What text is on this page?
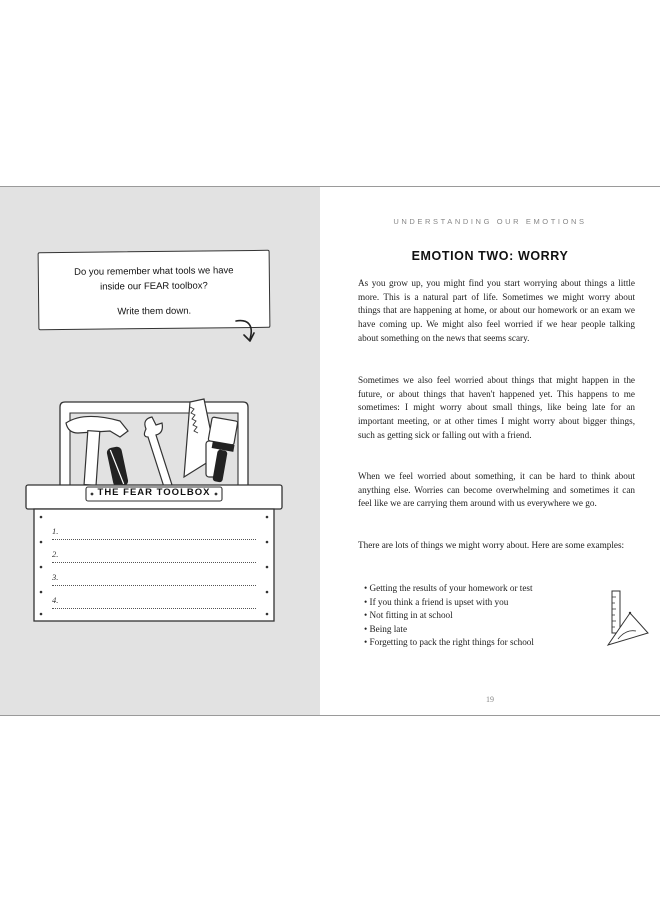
Do you remember what tools we have
inside our FEAR toolbox?
Write them down.
THE FEAR TOOLBOX
1.
2.
3.
4.
UNDERSTANDING OUR EMOTIONS
EMOTION TWO: WORRY

As you grow up, you might find you start worrying about things a little more. This is a natural part of life. Sometimes we might worry about things that are happening at home, or about our homework or an exam we have coming up. We might also feel worried if we hear people talking about something on the news that seems scary.

Sometimes we also feel worried about things that might happen in the future, or about things that haven't happened yet. This happens to me sometimes: I might worry about small things, like being late for an important meeting, or at other times I might worry about bigger things, such as getting sick or falling out with a friend.

When we feel worried about something, it can be hard to think about anything else. Worries can become overwhelming and sometimes it can feel like we are carrying them around with us everywhere we go.

There are lots of things we might worry about. Here are some examples:

• Getting the results of your homework or test
• If you think a friend is upset with you
• Not fitting in at school
• Being late
• Forgetting to pack the right things for school
19
